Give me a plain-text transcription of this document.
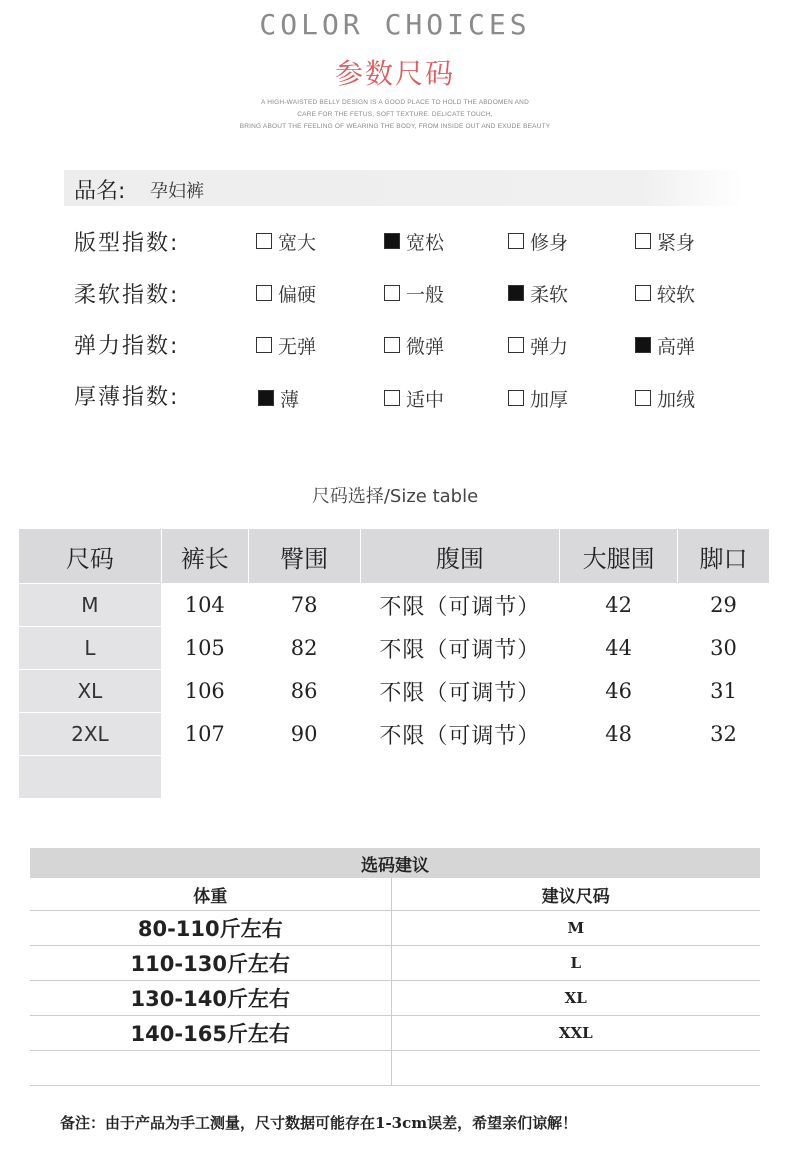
COLOR CHOICES
参数尺码
A HIGH-WAISTED BELLY DESIGN IS A GOOD PLACE TO HOLD THE ABDOMEN AND
CARE FOR THE FETUS, SOFT TEXTURE. DELICATE TOUCH,
BRING ABOUT THE FEELING OF WEARING THE BODY, FROM INSIDE OUT AND EXUDE BEAUTY
品名: 孕妇裤
版型指数:	宽大	宽松	修身	紧身
柔软指数:	偏硬	一般	柔软	较软
弹力指数:	无弹	微弹	弹力	高弹
厚薄指数:	薄	适中	加厚	加绒
尺码选择/Size table
尺码	裤长	臀围	腹围	大腿围	脚口
M	104	78	不限（可调节）	42	29
L	105	82	不限（可调节）	44	30
XL	106	86	不限（可调节）	46	31
2XL	107	90	不限（可调节）	48	32

选码建议	
体重	建议尺码
80-110斤左右	M
110-130斤左右	L
130-140斤左右	XL
140-165斤左右	XXL

备注：由于产品为手工测量，尺寸数据可能存在1-3cm误差，希望亲们谅解！
